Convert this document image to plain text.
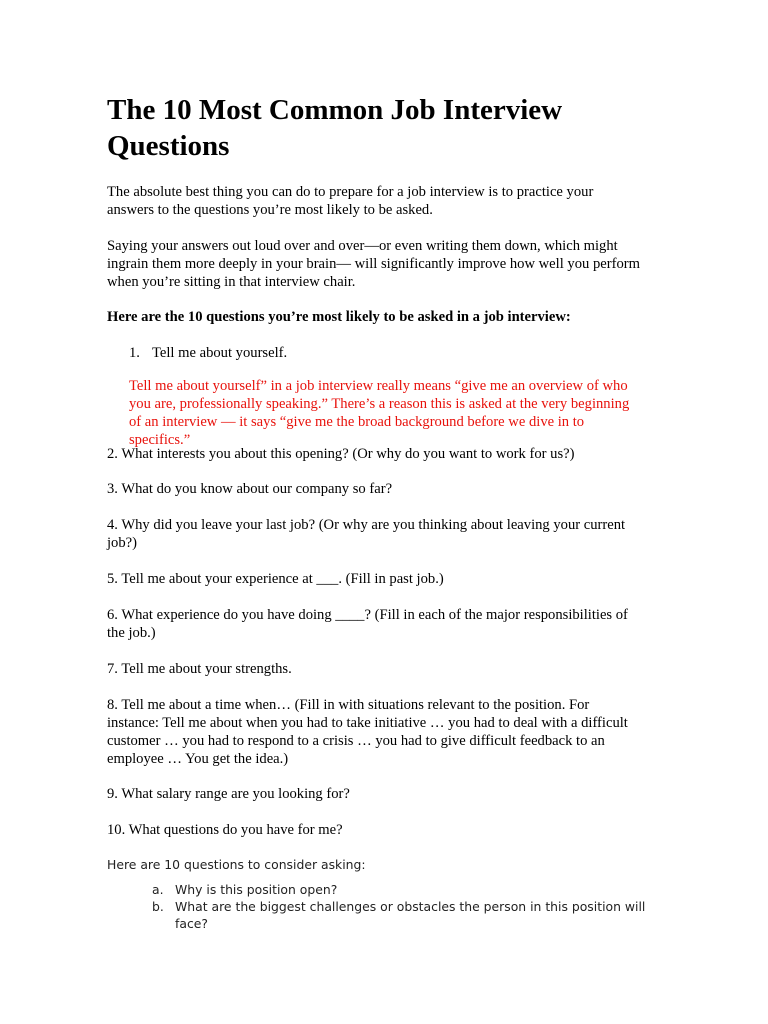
The 10 Most Common Job Interview Questions

The absolute best thing you can do to prepare for a job interview is to practice your answers to the questions you’re most likely to be asked.

Saying your answers out loud over and over—or even writing them down, which might ingrain them more deeply in your brain— will significantly improve how well you perform when you’re sitting in that interview chair.

Here are the 10 questions you’re most likely to be asked in a job interview:

1. Tell me about yourself.

Tell me about yourself” in a job interview really means “give me an overview of who you are, professionally speaking.” There’s a reason this is asked at the very beginning of an interview — it says “give me the broad background before we dive in to specifics.”

2. What interests you about this opening? (Or why do you want to work for us?)

3. What do you know about our company so far?

4. Why did you leave your last job? (Or why are you thinking about leaving your current job?)

5. Tell me about your experience at ___. (Fill in past job.)

6. What experience do you have doing ____? (Fill in each of the major responsibilities of the job.)

7. Tell me about your strengths.

8. Tell me about a time when… (Fill in with situations relevant to the position. For instance: Tell me about when you had to take initiative … you had to deal with a difficult customer … you had to respond to a crisis … you had to give difficult feedback to an employee … You get the idea.)

9. What salary range are you looking for?

10. What questions do you have for me?

Here are 10 questions to consider asking:

a. Why is this position open?
b. What are the biggest challenges or obstacles the person in this position will face?
